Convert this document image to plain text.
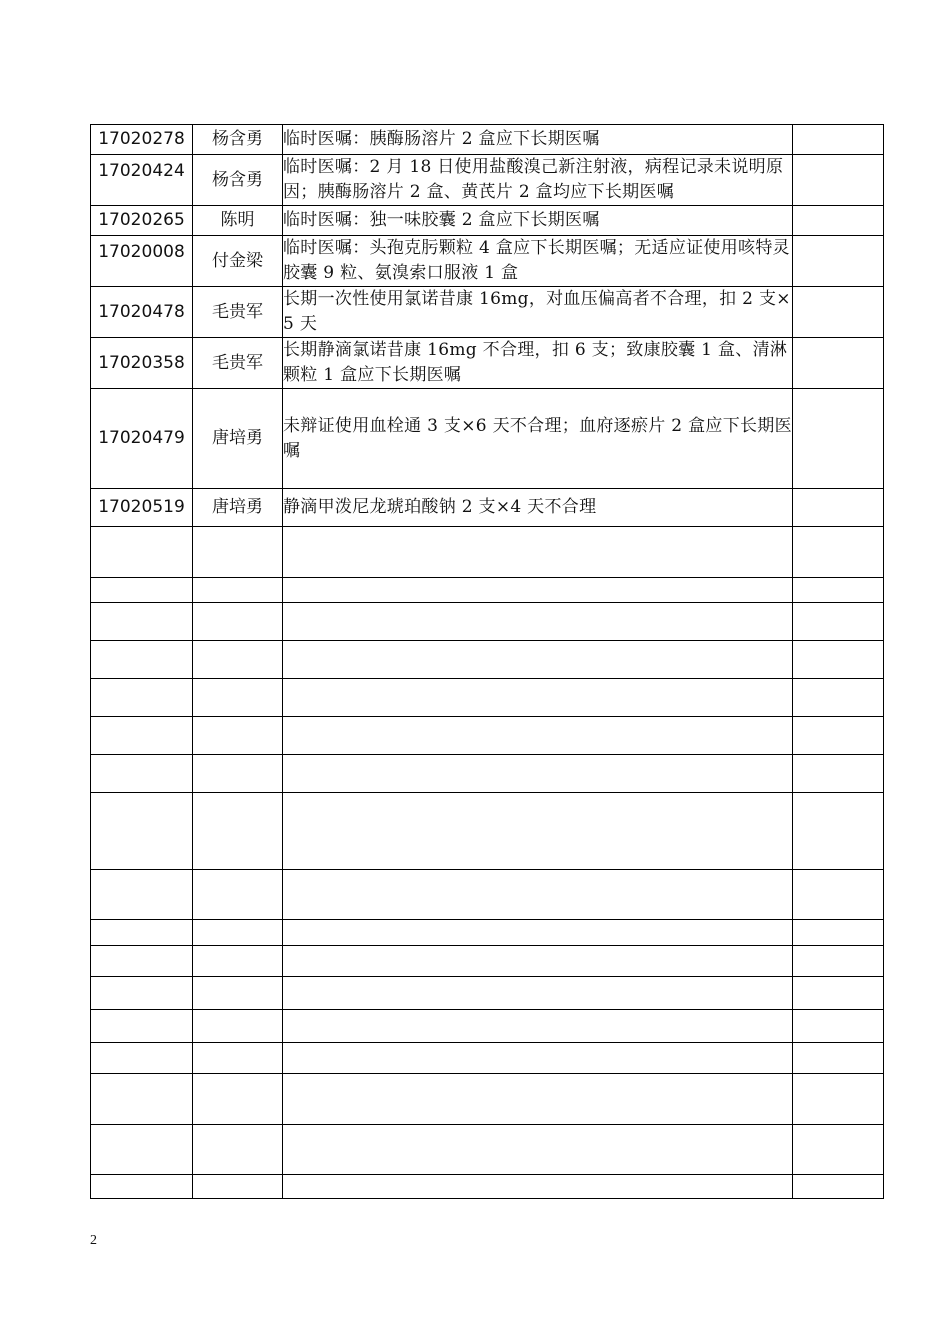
17020278	杨含勇	临时医嘱：胰酶肠溶片 2 盒应下长期医嘱	
17020424	杨含勇	临时医嘱：2 月 18 日使用盐酸溴己新注射液，病程记录未说明原因；胰酶肠溶片 2 盒、黄芪片 2 盒均应下长期医嘱	
17020265	陈明	临时医嘱：独一味胶囊 2 盒应下长期医嘱	
17020008	付金梁	临时医嘱：头孢克肟颗粒 4 盒应下长期医嘱；无适应证使用咳特灵胶囊 9 粒、氨溴索口服液 1 盒	
17020478	毛贵军	长期一次性使用氯诺昔康 16mg，对血压偏高者不合理，扣 2 支×5 天	
17020358	毛贵军	长期静滴氯诺昔康 16mg 不合理，扣 6 支；致康胶囊 1 盒、清淋颗粒 1 盒应下长期医嘱	
17020479	唐培勇	未辩证使用血栓通 3 支×6 天不合理；血府逐瘀片 2 盒应下长期医嘱	
17020519	唐培勇	静滴甲泼尼龙琥珀酸钠 2 支×4 天不合理	

2
